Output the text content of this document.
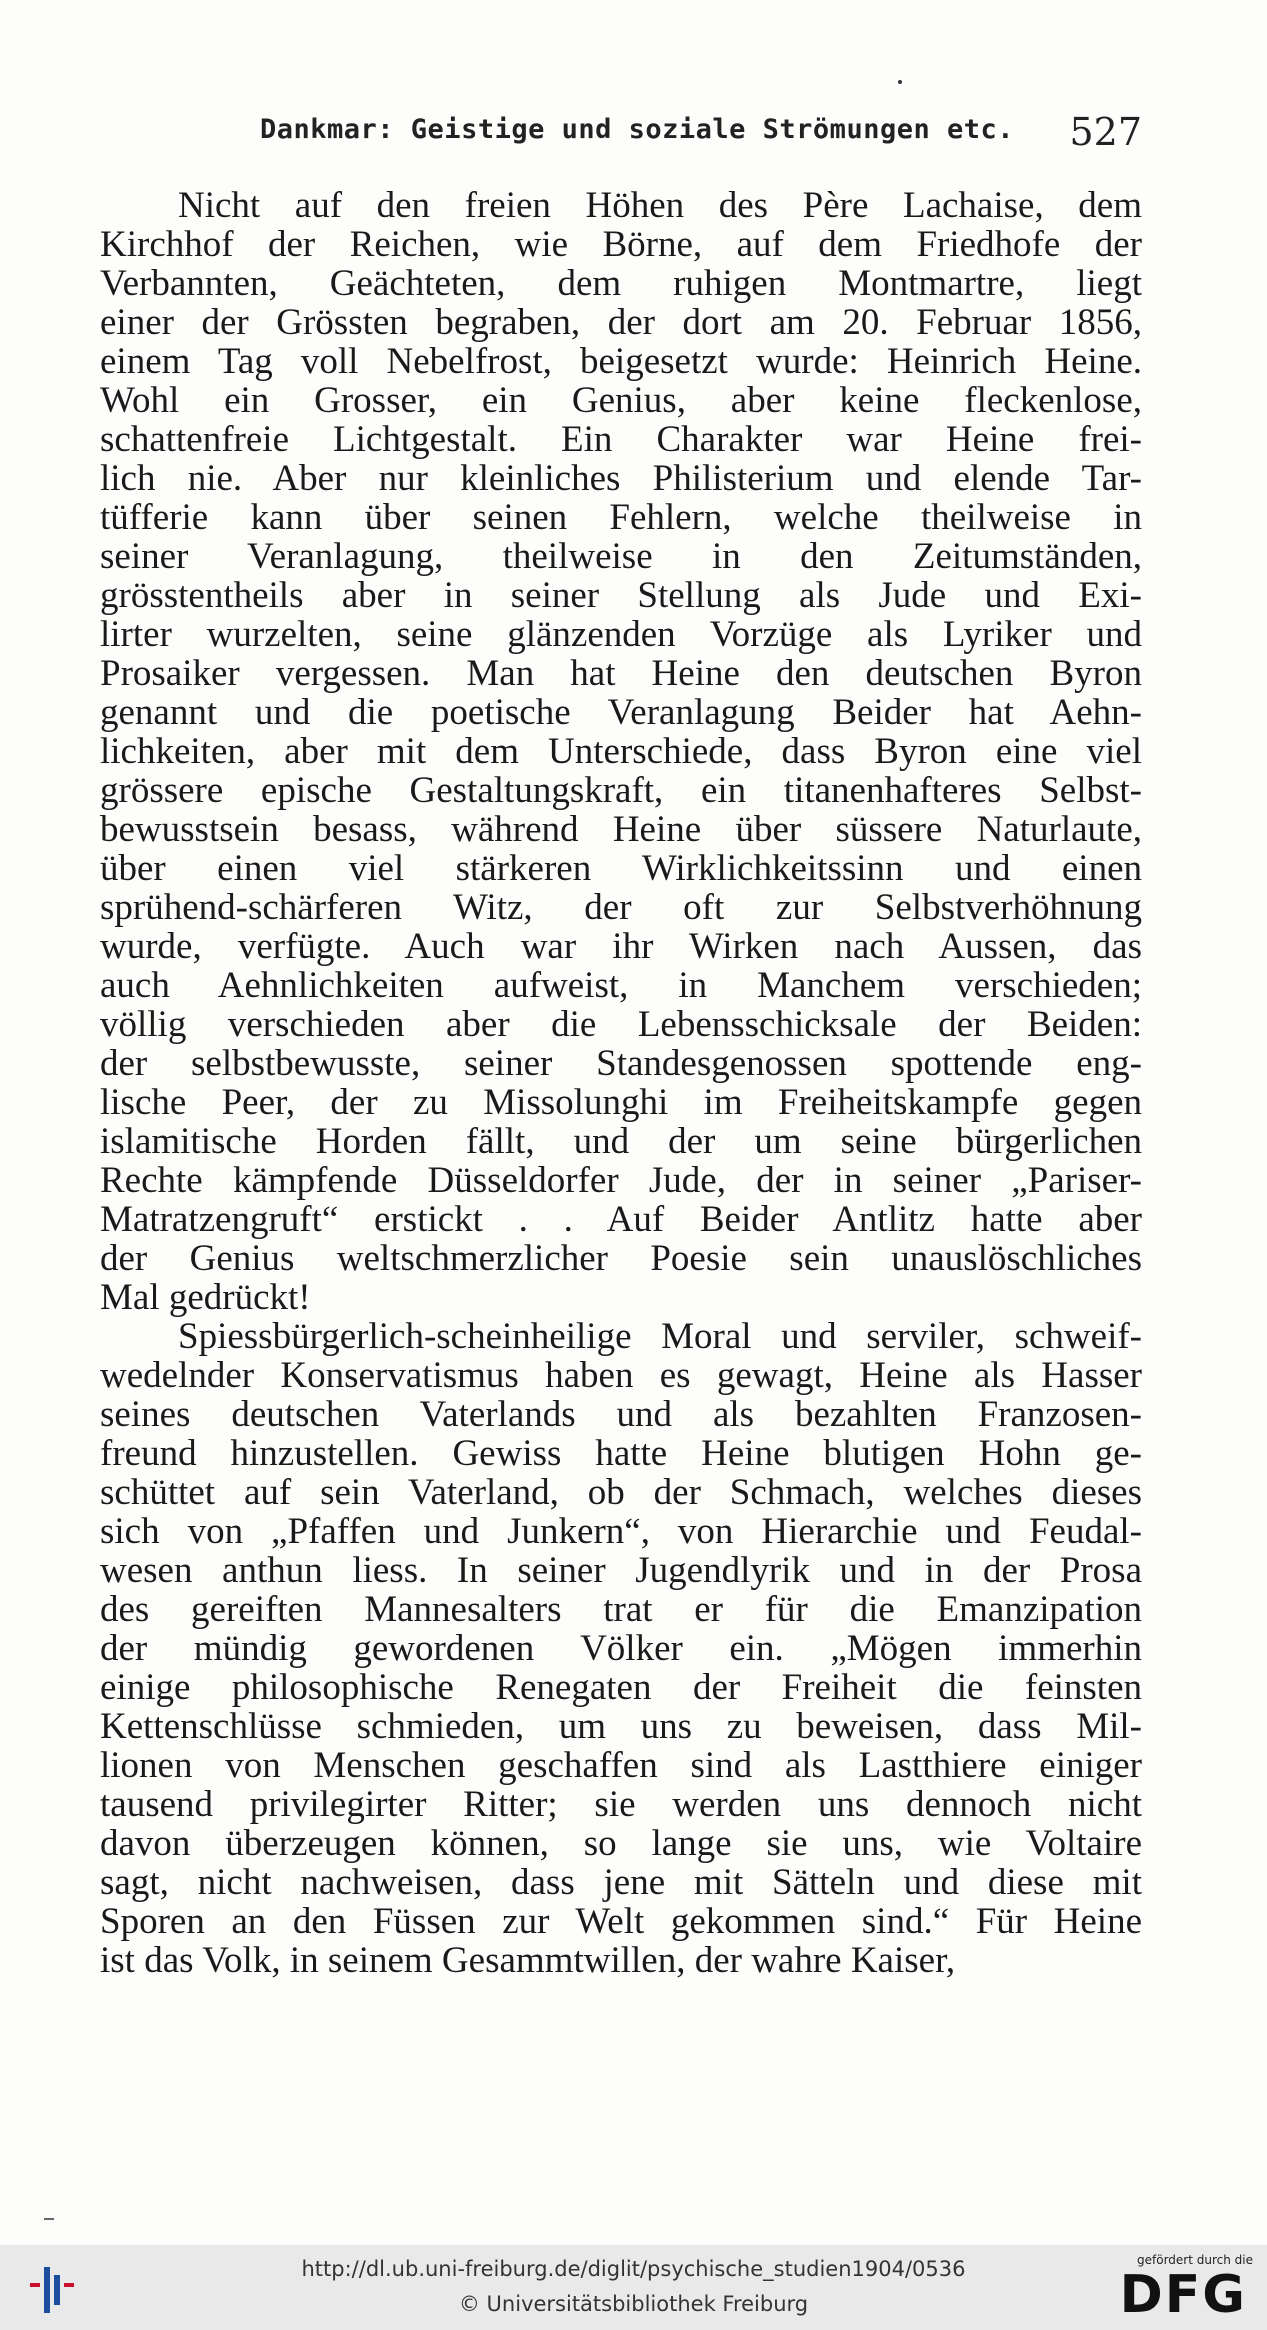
Dankmar: Geistige und soziale Strömungen etc. 527
Nicht auf den freien Höhen des Père Lachaise, dem
Kirchhof der Reichen, wie Börne, auf dem Friedhofe der
Verbannten, Geächteten, dem ruhigen Montmartre, liegt
einer der Grössten begraben, der dort am 20. Februar 1856,
einem Tag voll Nebelfrost, beigesetzt wurde: Heinrich Heine.
Wohl ein Grosser, ein Genius, aber keine fleckenlose,
schattenfreie Lichtgestalt. Ein Charakter war Heine frei-
lich nie. Aber nur kleinliches Philisterium und elende Tar-
tüfferie kann über seinen Fehlern, welche theilweise in
seiner Veranlagung, theilweise in den Zeitumständen,
grösstentheils aber in seiner Stellung als Jude und Exi-
lirter wurzelten, seine glänzenden Vorzüge als Lyriker und
Prosaiker vergessen. Man hat Heine den deutschen Byron
genannt und die poetische Veranlagung Beider hat Aehn-
lichkeiten, aber mit dem Unterschiede, dass Byron eine viel
grössere epische Gestaltungskraft, ein titanenhafteres Selbst-
bewusstsein besass, während Heine über süssere Naturlaute,
über einen viel stärkeren Wirklichkeitssinn und einen
sprühend-schärferen Witz, der oft zur Selbstverhöhnung
wurde, verfügte. Auch war ihr Wirken nach Aussen, das
auch Aehnlichkeiten aufweist, in Manchem verschieden;
völlig verschieden aber die Lebensschicksale der Beiden:
der selbstbewusste, seiner Standesgenossen spottende eng-
lische Peer, der zu Missolunghi im Freiheitskampfe gegen
islamitische Horden fällt, und der um seine bürgerlichen
Rechte kämpfende Düsseldorfer Jude, der in seiner „Pariser-
Matratzengruft“ erstickt . . Auf Beider Antlitz hatte aber
der Genius weltschmerzlicher Poesie sein unauslöschliches
Mal gedrückt!
Spiessbürgerlich-scheinheilige Moral und serviler, schweif-
wedelnder Konservatismus haben es gewagt, Heine als Hasser
seines deutschen Vaterlands und als bezahlten Franzosen-
freund hinzustellen. Gewiss hatte Heine blutigen Hohn ge-
schüttet auf sein Vaterland, ob der Schmach, welches dieses
sich von „Pfaffen und Junkern“, von Hierarchie und Feudal-
wesen anthun liess. In seiner Jugendlyrik und in der Prosa
des gereiften Mannesalters trat er für die Emanzipation
der mündig gewordenen Völker ein. „Mögen immerhin
einige philosophische Renegaten der Freiheit die feinsten
Kettenschlüsse schmieden, um uns zu beweisen, dass Mil-
lionen von Menschen geschaffen sind als Lastthiere einiger
tausend privilegirter Ritter; sie werden uns dennoch nicht
davon überzeugen können, so lange sie uns, wie Voltaire
sagt, nicht nachweisen, dass jene mit Sätteln und diese mit
Sporen an den Füssen zur Welt gekommen sind.“ Für Heine
ist das Volk, in seinem Gesammtwillen, der wahre Kaiser,
http://dl.ub.uni-freiburg.de/diglit/psychische_studien1904/0536
© Universitätsbibliothek Freiburg
gefördert durch die
DFG
